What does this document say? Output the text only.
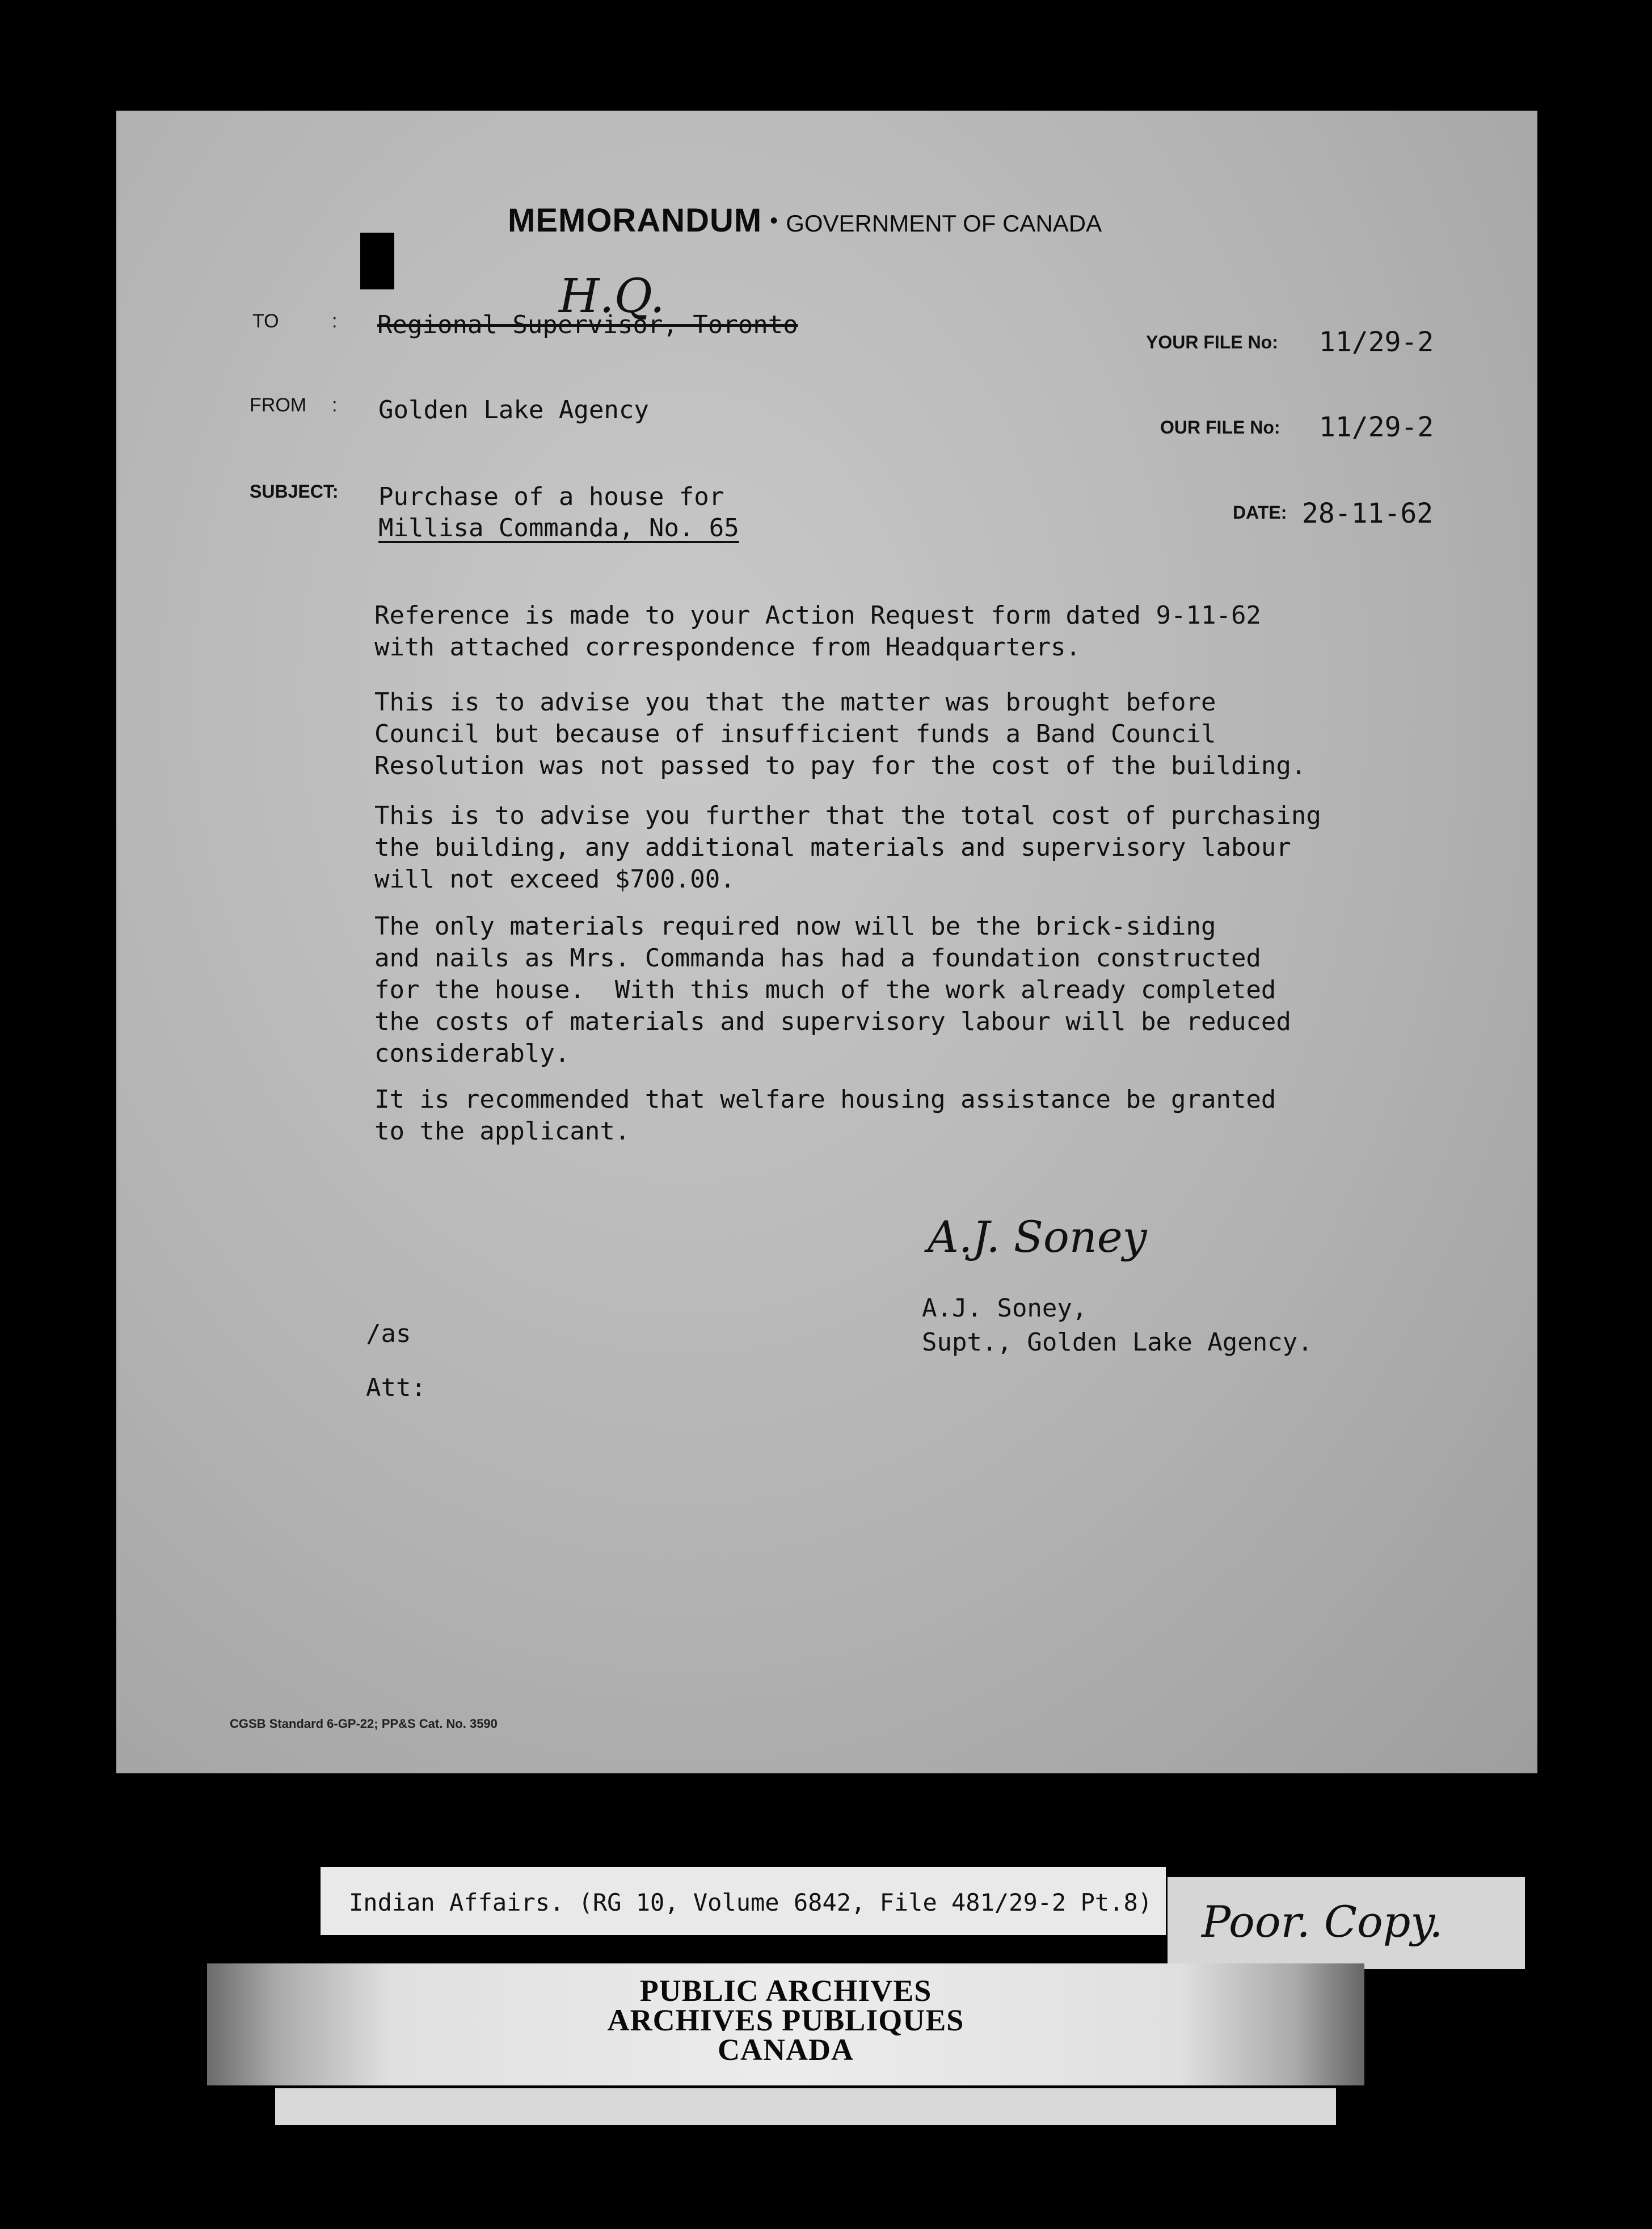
MEMORANDUM • GOVERNMENT OF CANADA
TO	: Regional Supervisor, Toronto
H.Q.
YOUR FILE No: 11/29-2
FROM : Golden Lake Agency
OUR FILE No: 11/29-2
SUBJECT: Purchase of a house for
Millisa Commanda, No. 65
DATE: 28-11-62
Reference is made to your Action Request form dated 9-11-62
with attached correspondence from Headquarters.
This is to advise you that the matter was brought before
Council but because of insufficient funds a Band Council
Resolution was not passed to pay for the cost of the building.
This is to advise you further that the total cost of purchasing
the building, any additional materials and supervisory labour
will not exceed $700.00.
The only materials required now will be the brick-siding
and nails as Mrs. Commanda has had a foundation constructed
for the house.  With this much of the work already completed
the costs of materials and supervisory labour will be reduced
considerably.
It is recommended that welfare housing assistance be granted
to the applicant.
A.J. Soney
A.J. Soney,
Supt., Golden Lake Agency.
/as
Att:
CGSB Standard 6-GP-22; PP&S Cat. No. 3590
Indian Affairs. (RG 10, Volume 6842, File 481/29-2 Pt.8) Poor. Copy.
PUBLIC ARCHIVES
ARCHIVES PUBLIQUES
CANADA
